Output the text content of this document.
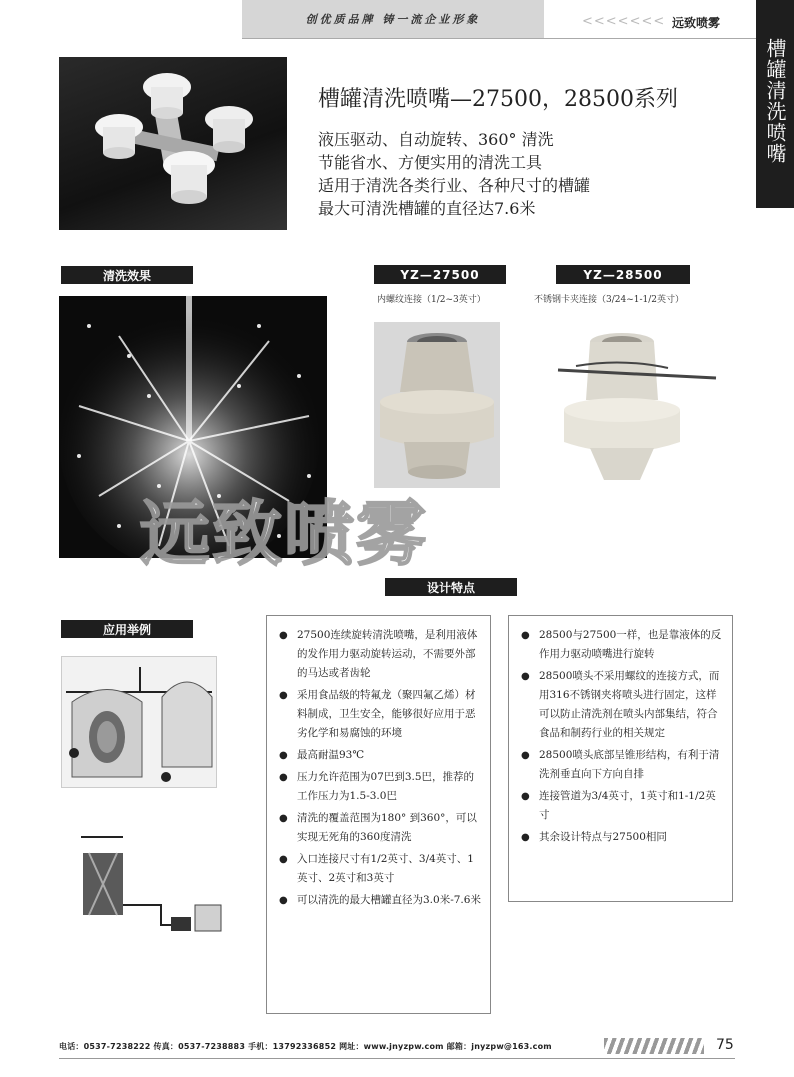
创优质品牌 铸一流企业形象	<<<<<<< 远致喷雾
槽罐清洗喷嘴
槽罐清洗喷嘴—27500，28500系列
液压驱动、自动旋转、360° 清洗
节能省水、方便实用的清洗工具
适用于清洗各类行业、各种尺寸的槽罐
最大可清洗槽罐的直径达7.6米
清洗效果	YZ—27500
内螺纹连接（1/2~3英寸）
YZ—28500
不锈钢卡夹连接（3/24~1-1/2英寸）
远致喷雾
设计特点
应用举例
●	27500连续旋转清洗喷嘴，是利用液体的发作用力驱动旋转运动，不需要外部的马达或者齿轮
● 采用食品级的特氟龙（聚四氟乙烯）材料制成，卫生安全，能够很好应用于恶劣化学和易腐蚀的环境
● 最高耐温93℃
● 压力允许范围为07巴到3.5巴，推荐的工作压力为1.5-3.0巴
● 清洗的覆盖范围为180° 到360°，可以实现无死角的360度清洗
● 入口连接尺寸有1/2英寸、3/4英寸、1英寸、2英寸和3英寸
● 可以清洗的最大槽罐直径为3.0米-7.6米
● 28500与27500一样，也是靠液体的反作用力驱动喷嘴进行旋转
● 28500喷头不采用螺纹的连接方式，而用316不锈钢夹将喷头进行固定，这样可以防止清洗剂在喷头内部集结，符合食品和制药行业的相关规定
● 28500喷头底部呈锥形结构，有利于清洗剂垂直向下方向自排
● 连接管道为3/4英寸，1英寸和1-1/2英寸
● 其余设计特点与27500相同
电话：0537-7238222 传真：0537-7238883 手机：13792336852 网址：www.jnyzpw.com 邮箱：jnyzpw@163.com	75
